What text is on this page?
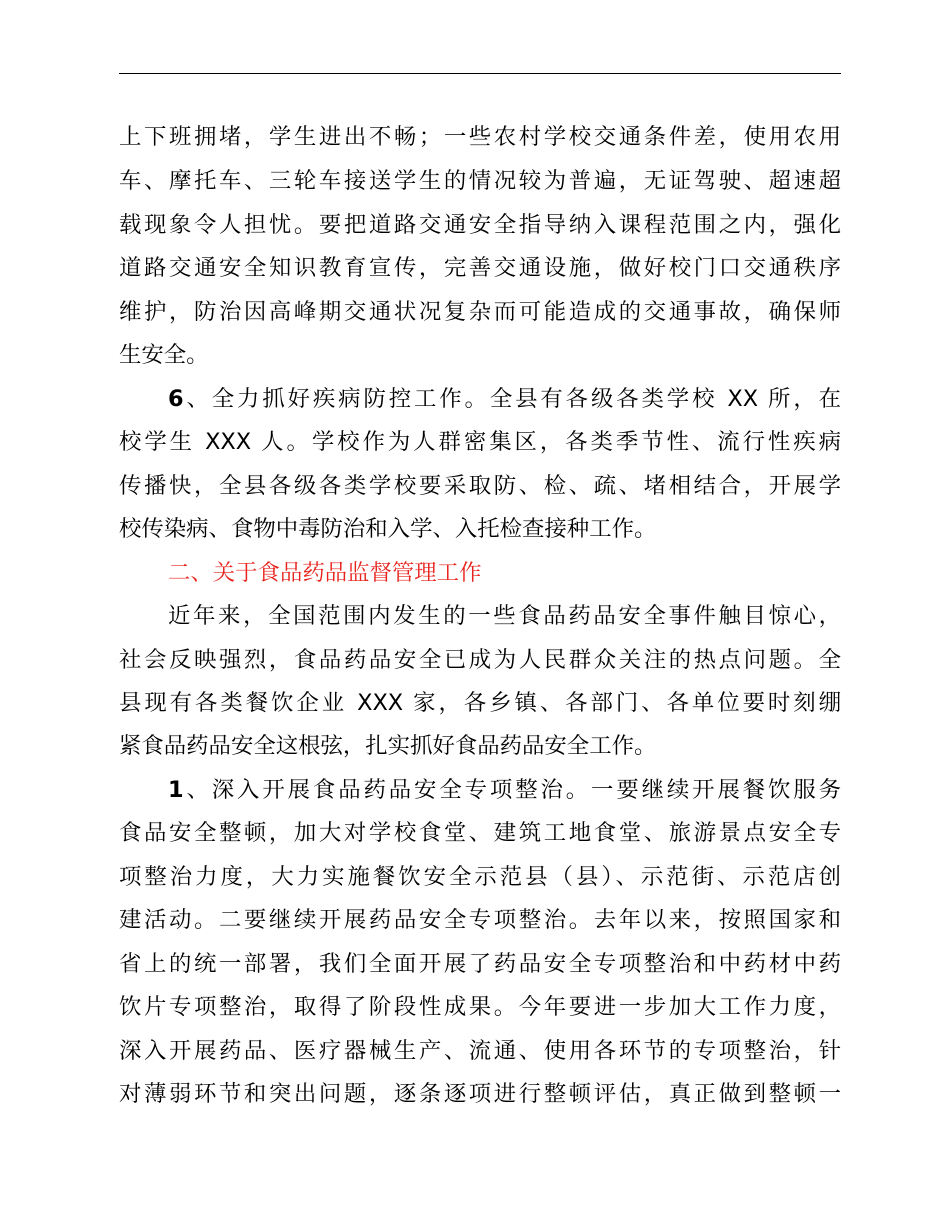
上下班拥堵，学生进出不畅；一些农村学校交通条件差，使用农用
车、摩托车、三轮车接送学生的情况较为普遍，无证驾驶、超速超
载现象令人担忧。要把道路交通安全指导纳入课程范围之内，强化
道路交通安全知识教育宣传，完善交通设施，做好校门口交通秩序
维护，防治因高峰期交通状况复杂而可能造成的交通事故，确保师
生安全。
6、全力抓好疾病防控工作。全县有各级各类学校 XX 所，在
校学生 XXX 人。学校作为人群密集区，各类季节性、流行性疾病
传播快，全县各级各类学校要采取防、检、疏、堵相结合，开展学
校传染病、食物中毒防治和入学、入托检查接种工作。
二、关于食品药品监督管理工作
近年来，全国范围内发生的一些食品药品安全事件触目惊心，
社会反映强烈，食品药品安全已成为人民群众关注的热点问题。全
县现有各类餐饮企业 XXX 家，各乡镇、各部门、各单位要时刻绷
紧食品药品安全这根弦，扎实抓好食品药品安全工作。
1、深入开展食品药品安全专项整治。一要继续开展餐饮服务
食品安全整顿，加大对学校食堂、建筑工地食堂、旅游景点安全专
项整治力度，大力实施餐饮安全示范县（县）、示范街、示范店创
建活动。二要继续开展药品安全专项整治。去年以来，按照国家和
省上的统一部署，我们全面开展了药品安全专项整治和中药材中药
饮片专项整治，取得了阶段性成果。今年要进一步加大工作力度，
深入开展药品、医疗器械生产、流通、使用各环节的专项整治，针
对薄弱环节和突出问题，逐条逐项进行整顿评估，真正做到整顿一
